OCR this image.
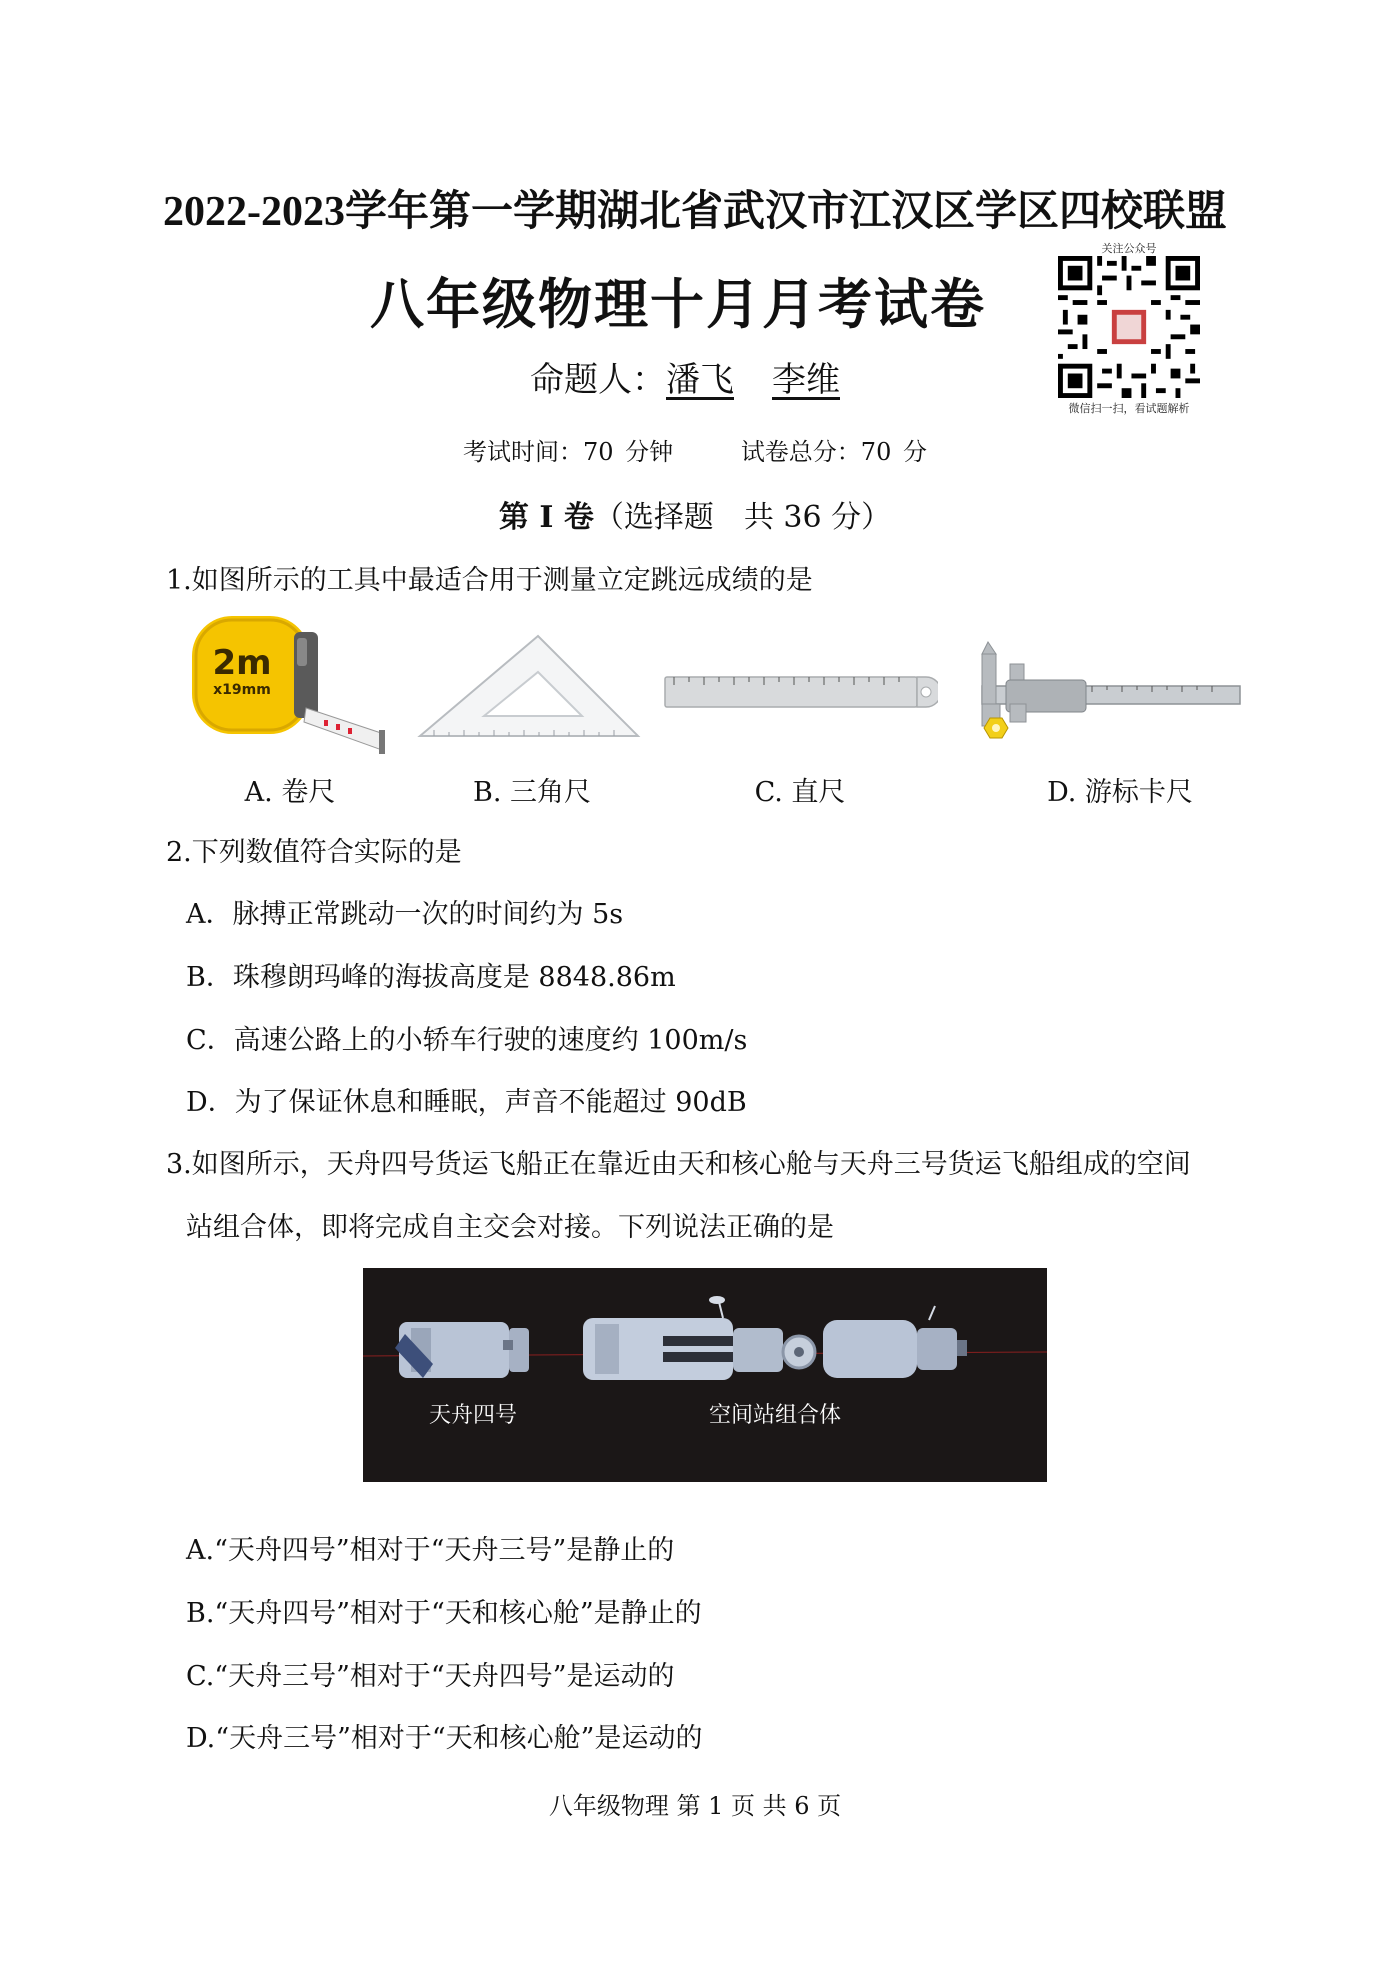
2022-2023学年第一学期湖北省武汉市江汉区学区四校联盟
八年级物理十月月考试卷
命题人：潘飞 李维
关注公众号
微信扫一扫，看试题解析
考试时间：70 分钟	试卷总分：70 分
第 I 卷（选择题　共 36 分）
1.如图所示的工具中最适合用于测量立定跳远成绩的是
2m
x19mm
A. 卷尺	B. 三角尺	C. 直尺	D. 游标卡尺
2.下列数值符合实际的是
A．脉搏正常跳动一次的时间约为 5s
B．珠穆朗玛峰的海拔高度是 8848.86m
C．高速公路上的小轿车行驶的速度约 100m/s
D．为了保证休息和睡眠，声音不能超过 90dB
3.如图所示，天舟四号货运飞船正在靠近由天和核心舱与天舟三号货运飞船组成的空间
站组合体，即将完成自主交会对接。下列说法正确的是
天舟四号	空间站组合体
A.“天舟四号”相对于“天舟三号”是静止的
B.“天舟四号”相对于“天和核心舱”是静止的
C.“天舟三号”相对于“天舟四号”是运动的
D.“天舟三号”相对于“天和核心舱”是运动的
八年级物理 第 1 页 共 6 页
